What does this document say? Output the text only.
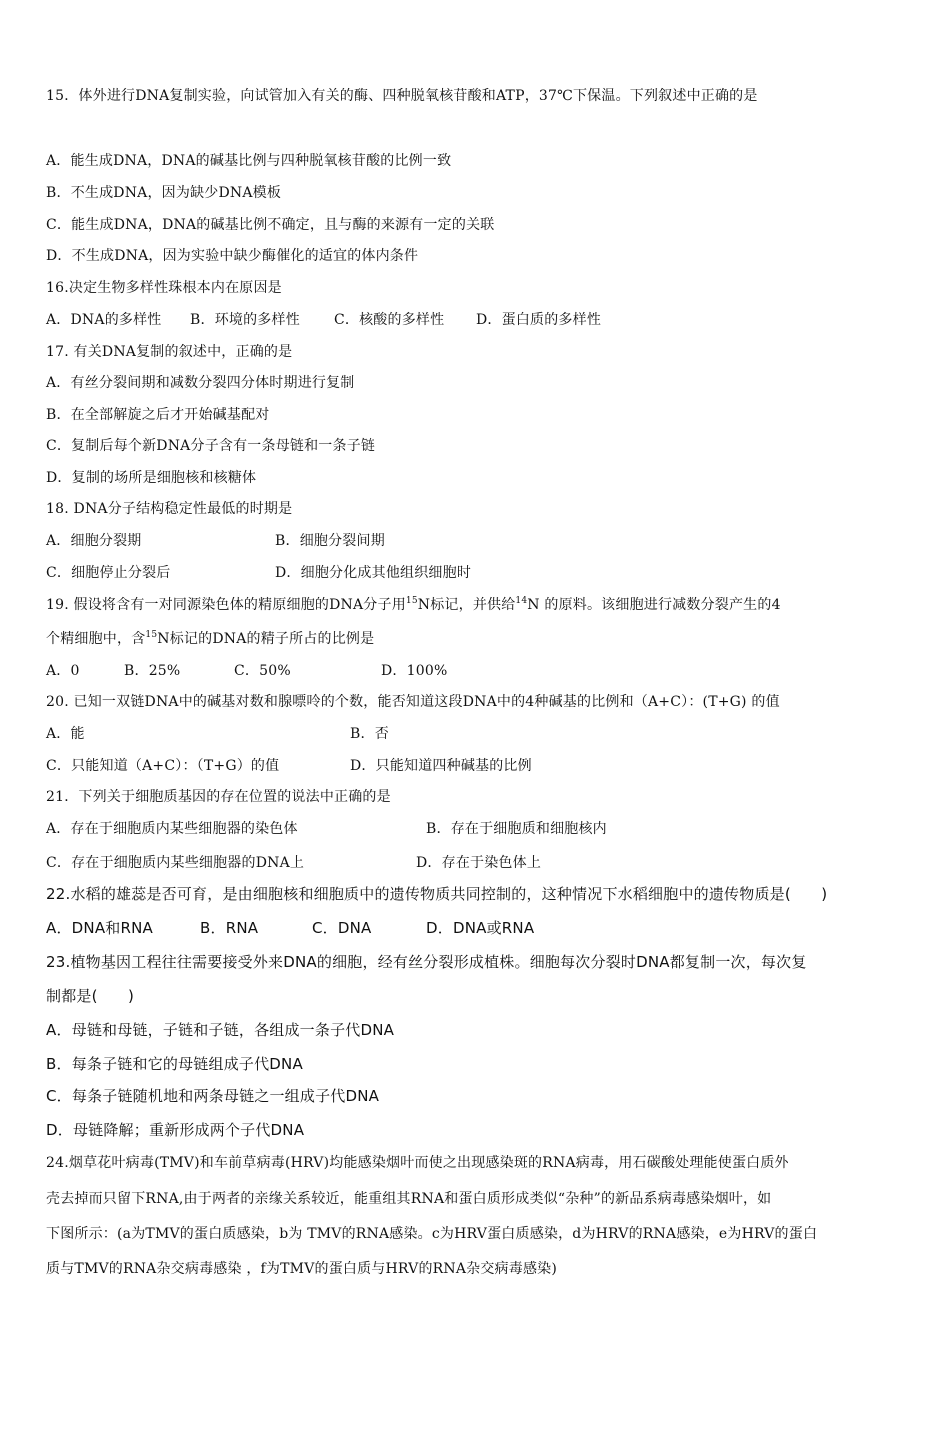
15．体外进行DNA复制实验，向试管加入有关的酶、四种脱氧核苷酸和ATP，37℃下保温。下列叙述中正确的是
A．能生成DNA，DNA的碱基比例与四种脱氧核苷酸的比例一致
B．不生成DNA，因为缺少DNA模板
C．能生成DNA，DNA的碱基比例不确定，且与酶的来源有一定的关联
D．不生成DNA，因为实验中缺少酶催化的适宜的体内条件
16.决定生物多样性珠根本内在原因是
A．DNA的多样性 B．环境的多样性 C．核酸的多样性 D．蛋白质的多样性
17. 有关DNA复制的叙述中，正确的是
A．有丝分裂间期和减数分裂四分体时期进行复制
B．在全部解旋之后才开始碱基配对
C．复制后每个新DNA分子含有一条母链和一条子链
D．复制的场所是细胞核和核糖体
18. DNA分子结构稳定性最低的时期是
A．细胞分裂期	B．细胞分裂间期
C．细胞停止分裂后	D．细胞分化成其他组织细胞时
19. 假设将含有一对同源染色体的精原细胞的DNA分子用$^{15}$N标记，并供给$^{14}$N 的原料。该细胞进行减数分裂产生的4
个精细胞中，含$^{15}$N标记的DNA的精子所占的比例是
A．0	B．25%	C．50%	D．100%
20. 已知一双链DNA中的碱基对数和腺嘌呤的个数，能否知道这段DNA中的4种碱基的比例和（A+C）：(T+G) 的值
A．能	B．否
C．只能知道（A+C）：（T+G）的值	D．只能知道四种碱基的比例
21．下列关于细胞质基因的存在位置的说法中正确的是
A．存在于细胞质内某些细胞器的染色体	B．存在于细胞质和细胞核内
C．存在于细胞质内某些细胞器的DNA上	D．存在于染色体上
22.水稻的雄蕊是否可育，是由细胞核和细胞质中的遗传物质共同控制的，这种情况下水稻细胞中的遗传物质是(　　)
A．DNA和RNA	B．RNA	C．DNA	D．DNA或RNA
23.植物基因工程往往需要接受外来DNA的细胞，经有丝分裂形成植株。细胞每次分裂时DNA都复制一次，每次复
制都是(　　)
A．母链和母链，子链和子链，各组成一条子代DNA
B．每条子链和它的母链组成子代DNA
C．每条子链随机地和两条母链之一组成子代DNA
D．母链降解；重新形成两个子代DNA
24.烟草花叶病毒(TMV)和车前草病毒(HRV)均能感染烟叶而使之出现感染斑的RNA病毒，用石碳酸处理能使蛋白质外
壳去掉而只留下RNA,由于两者的亲缘关系较近，能重组其RNA和蛋白质形成类似“杂种”的新品系病毒感染烟叶，如
下图所示：(a为TMV的蛋白质感染，b为 TMV的RNA感染。c为HRV蛋白质感染，d为HRV的RNA感染，e为HRV的蛋白
质与TMV的RNA杂交病毒感染 ，f为TMV的蛋白质与HRV的RNA杂交病毒感染)
